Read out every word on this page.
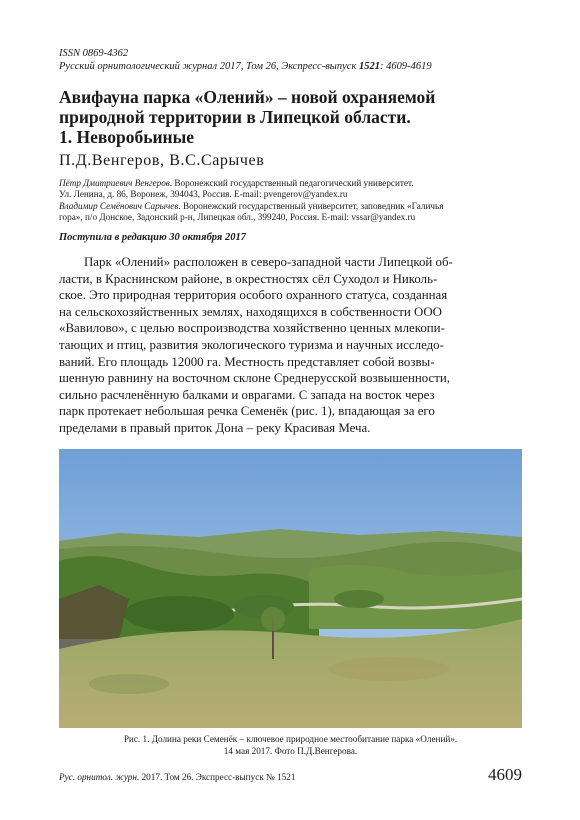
ISSN 0869-4362
Русский орнитологический журнал 2017, Том 26, Экспресс-выпуск 1521: 4609-4619
Авифауна парка «Олений» – новой охраняемой
природной территории в Липецкой области.
1. Неворобьиные
П.Д.Венгеров, В.С.Сарычев
Пётр Дмитриевич Венгеров. Воронежский государственный педагогический университет.
Ул. Ленина, д. 86, Воронеж, 394043, Россия. E-mail: pvengerov@yandex.ru
Владимир Семёнович Сарычев. Воронежский государственный университет, заповедник «Галичья
гора», п/о Донское, Задонский р-н, Липецкая обл., 399240, Россия. E-mail: vssar@yandex.ru
Поступила в редакцию 30 октября 2017
Парк «Олений» расположен в северо-западной части Липецкой об-
ласти, в Краснинском районе, в окрестностях сёл Суходол и Николь-
ское. Это природная территория особого охранного статуса, созданная
на сельскохозяйственных землях, находящихся в собственности ООО
«Вавилово», с целью воспроизводства хозяйственно ценных млекопи-
тающих и птиц, развития экологического туризма и научных исследо-
ваний. Его площадь 12000 га. Местность представляет собой возвы-
шенную равнину на восточном склоне Среднерусской возвышенности,
сильно расчленённую балками и оврагами. С запада на восток через
парк протекает небольшая речка Семенёк (рис. 1), впадающая за его
пределами в правый приток Дона – реку Красивая Меча.
Рис. 1. Долина реки Семенёк – ключевое природное местообитание парка «Олений».
14 мая 2017. Фото П.Д.Венгерова.
Рус. орнитол. журн. 2017. Том 26. Экспресс-выпуск № 1521	4609
